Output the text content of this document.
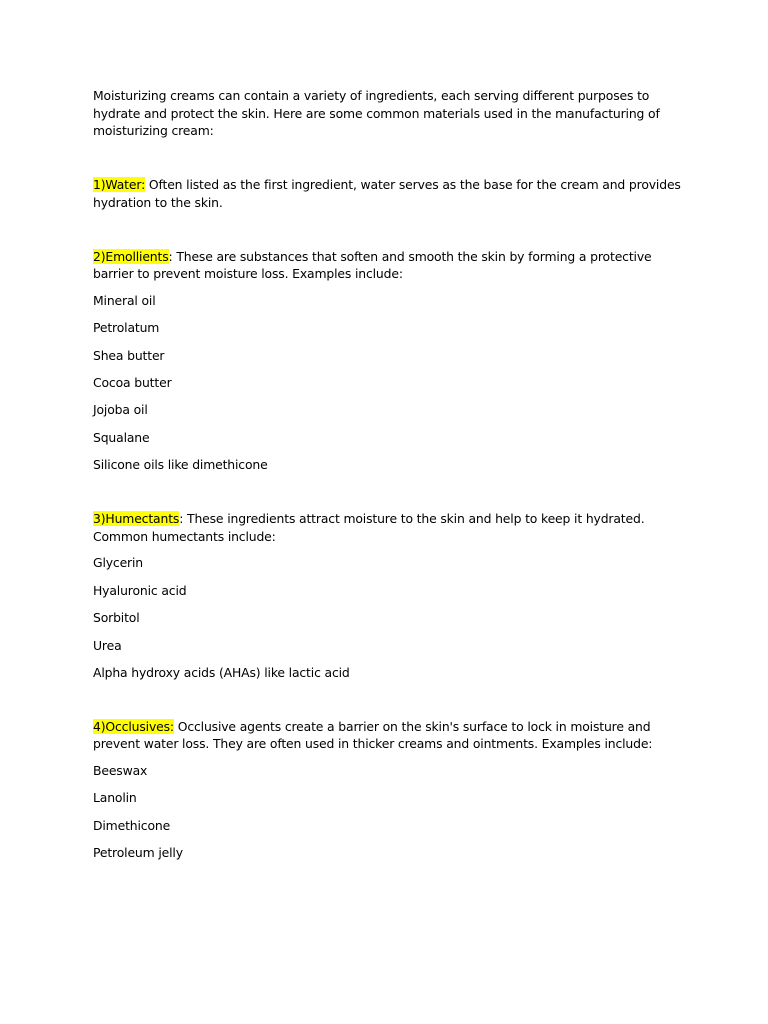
Moisturizing creams can contain a variety of ingredients, each serving different purposes to hydrate and protect the skin. Here are some common materials used in the manufacturing of moisturizing cream:

1)Water: Often listed as the first ingredient, water serves as the base for the cream and provides hydration to the skin.

2)Emollients: These are substances that soften and smooth the skin by forming a protective barrier to prevent moisture loss. Examples include:

Mineral oil

Petrolatum

Shea butter

Cocoa butter

Jojoba oil

Squalane

Silicone oils like dimethicone

3)Humectants: These ingredients attract moisture to the skin and help to keep it hydrated. Common humectants include:

Glycerin

Hyaluronic acid

Sorbitol

Urea

Alpha hydroxy acids (AHAs) like lactic acid

4)Occlusives: Occlusive agents create a barrier on the skin's surface to lock in moisture and prevent water loss. They are often used in thicker creams and ointments. Examples include:

Beeswax

Lanolin

Dimethicone

Petroleum jelly
